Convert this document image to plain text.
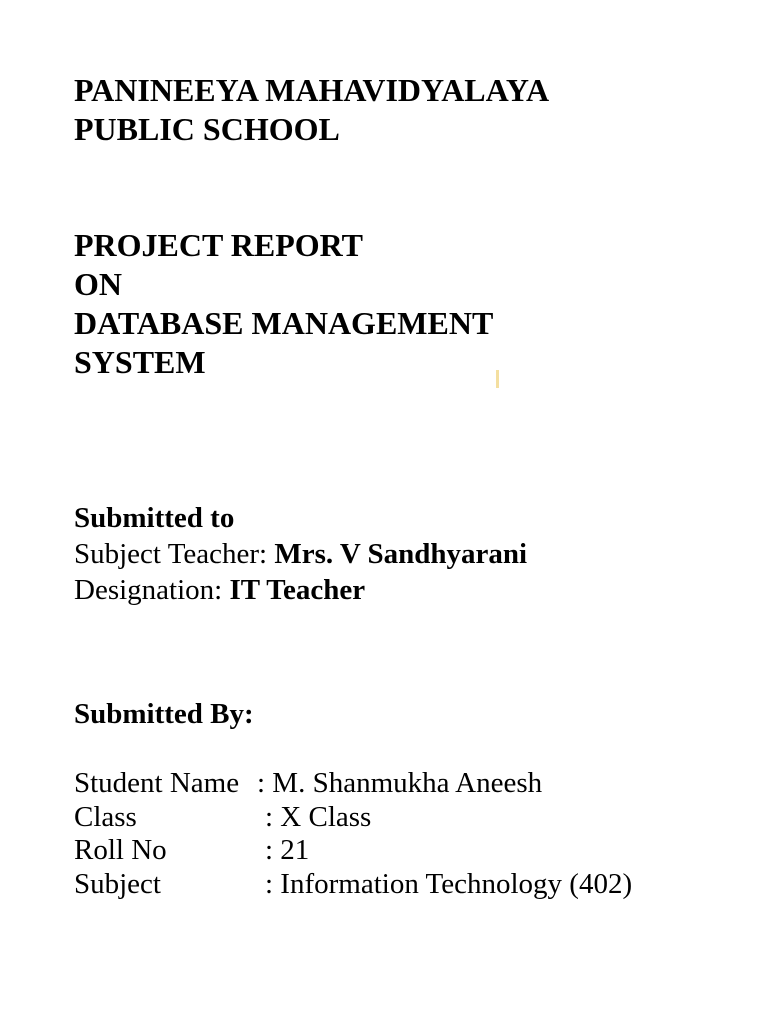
PANINEEYA MAHAVIDYALAYA
PUBLIC SCHOOL
PROJECT REPORT
ON
DATABASE MANAGEMENT
SYSTEM
Submitted to
Subject Teacher: Mrs. V Sandhyarani
Designation: IT Teacher
Submitted By:
Student Name : M. Shanmukha Aneesh
Class	: X Class
Roll No	: 21
Subject	: Information Technology (402)
